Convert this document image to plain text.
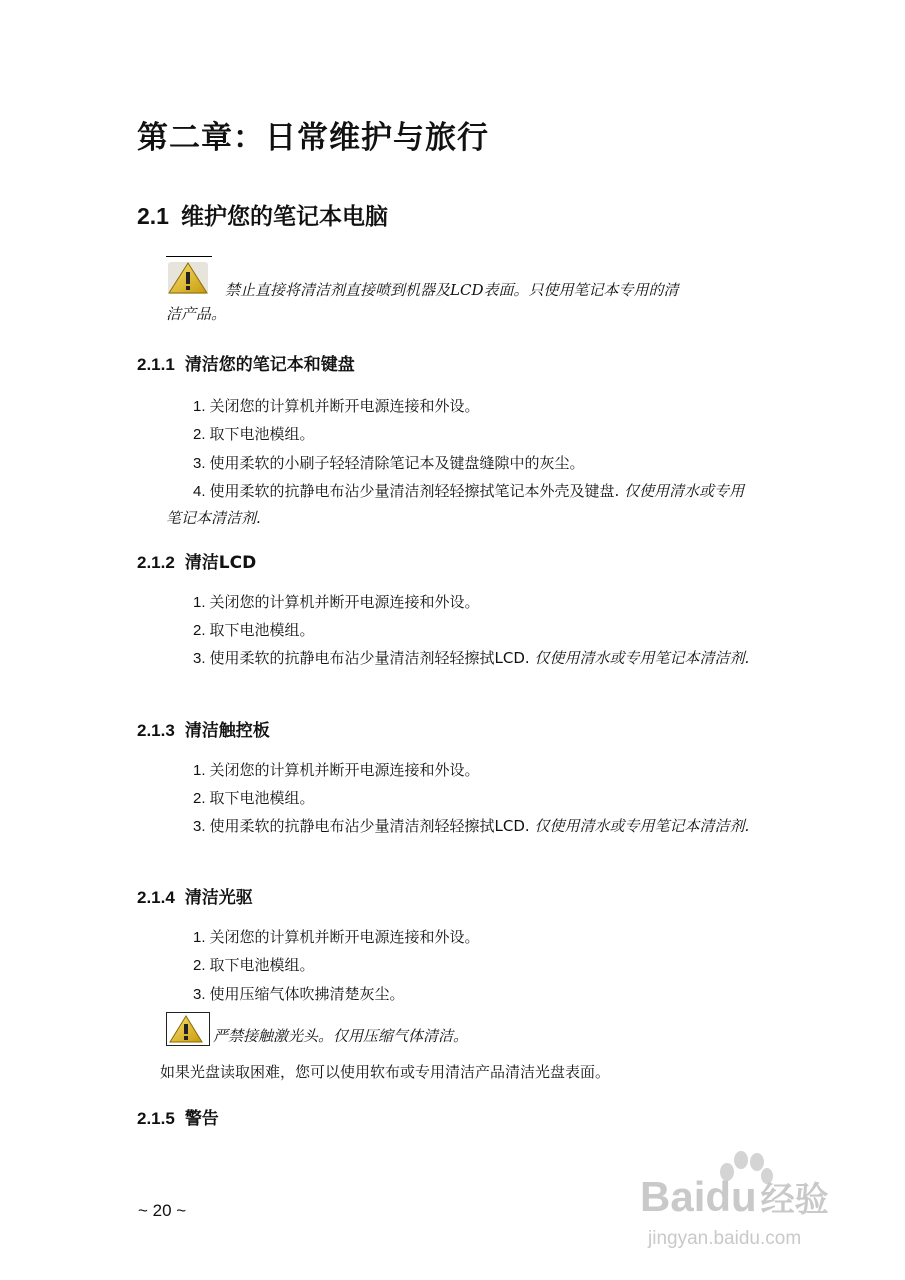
第二章：日常维护与旅行
2.1 维护您的笔记本电脑
禁止直接将清洁剂直接喷到机器及LCD表面。只使用笔记本专用的清
洁产品。
2.1.1 清洁您的笔记本和键盘
1. 关闭您的计算机并断开电源连接和外设。
2. 取下电池模组。
3. 使用柔软的小刷子轻轻清除笔记本及键盘缝隙中的灰尘。
4. 使用柔软的抗静电布沾少量清洁剂轻轻擦拭笔记本外壳及键盘. 仅使用清水或专用笔记本清洁剂.
2.1.2 清洁LCD
1. 关闭您的计算机并断开电源连接和外设。
2. 取下电池模组。
3. 使用柔软的抗静电布沾少量清洁剂轻轻擦拭LCD. 仅使用清水或专用笔记本清洁剂.
2.1.3 清洁触控板
1. 关闭您的计算机并断开电源连接和外设。
2. 取下电池模组。
3. 使用柔软的抗静电布沾少量清洁剂轻轻擦拭LCD. 仅使用清水或专用笔记本清洁剂.
2.1.4 清洁光驱
1. 关闭您的计算机并断开电源连接和外设。
2. 取下电池模组。
3. 使用压缩气体吹拂清楚灰尘。
严禁接触激光头。仅用压缩气体清洁。
如果光盘读取困难，您可以使用软布或专用清洁产品清洁光盘表面。
2.1.5 警告
~ 20 ~	Baidu 经验
jingyan.baidu.com
